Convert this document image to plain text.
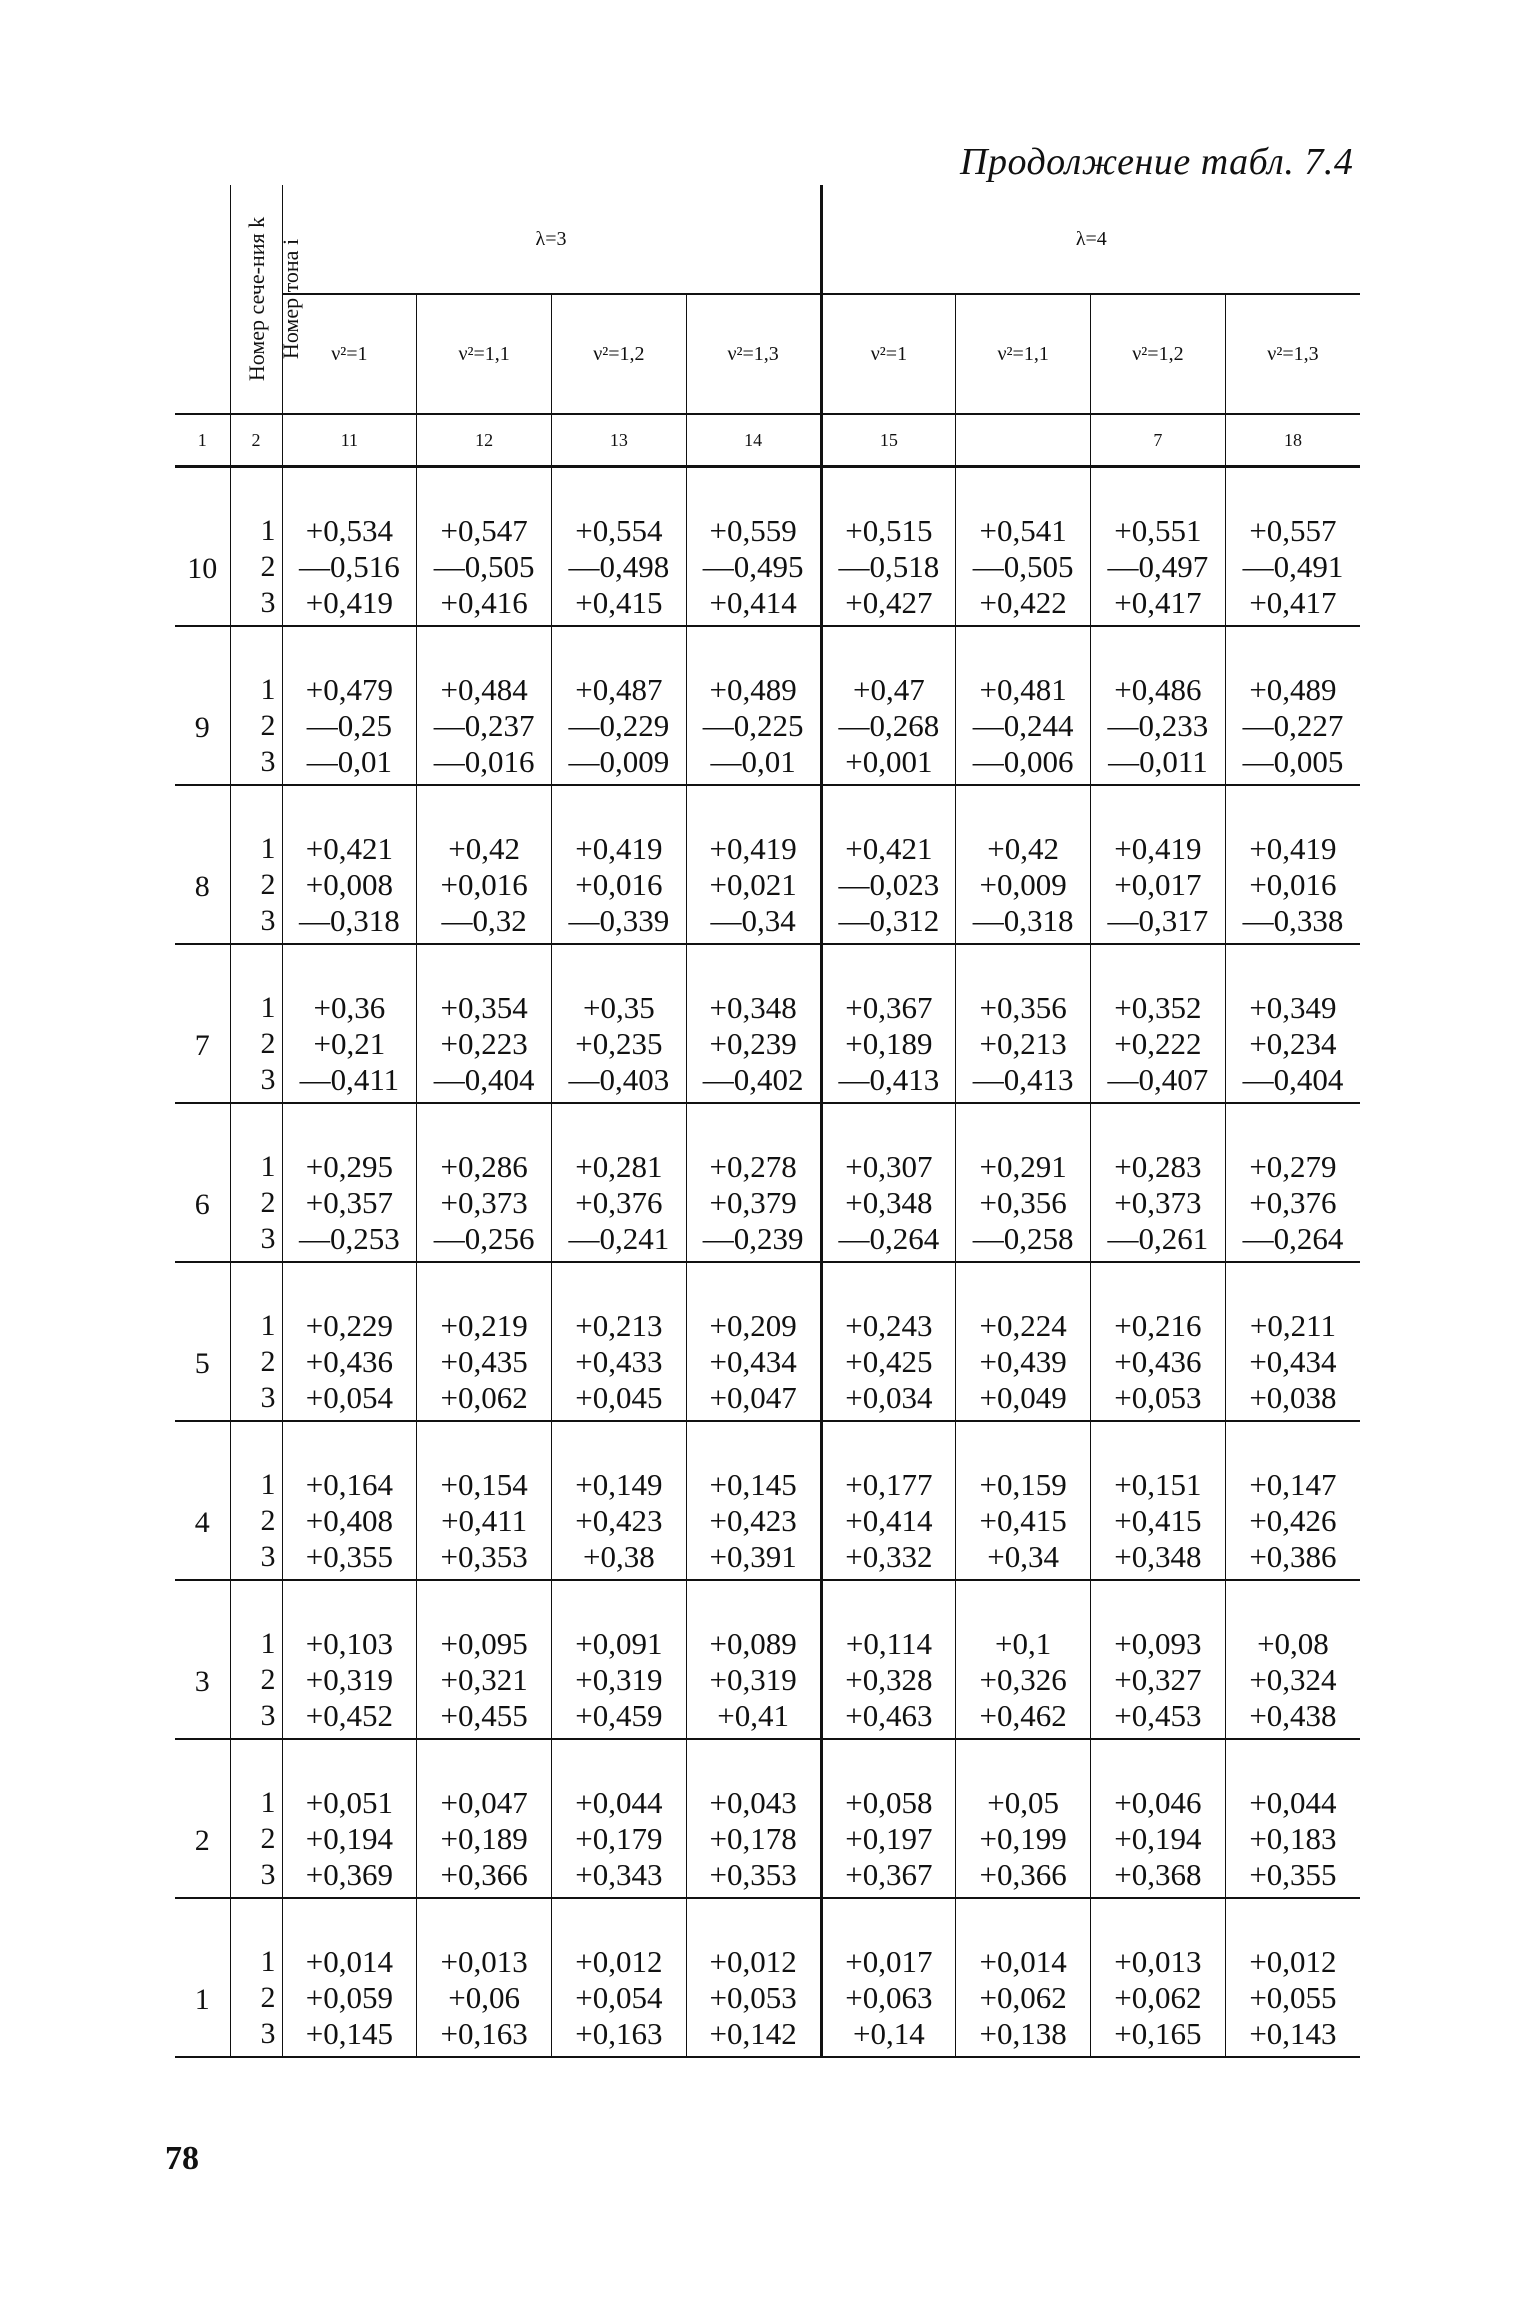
Продолжение табл. 7.4
Номер сече-ния k	Номер тона i	λ=3				λ=4			
		ν²=1	ν²=1,1	ν²=1,2	ν²=1,3	ν²=1	ν²=1,1	ν²=1,2	ν²=1,3
1	2	11	12	13	14	15		7	18

10	1	+0,534	+0,547	+0,554	+0,559	+0,515	+0,541	+0,551	+0,557
	2	—0,516	—0,505	—0,498	—0,495	—0,518	—0,505	—0,497	—0,491
	3	+0,419	+0,416	+0,415	+0,414	+0,427	+0,422	+0,417	+0,417

9	1	+0,479	+0,484	+0,487	+0,489	+0,47	+0,481	+0,486	+0,489
	2	—0,25	—0,237	—0,229	—0,225	—0,268	—0,244	—0,233	—0,227
	3	—0,01	—0,016	—0,009	—0,01	+0,001	—0,006	—0,011	—0,005

8	1	+0,421	+0,42	+0,419	+0,419	+0,421	+0,42	+0,419	+0,419
	2	+0,008	+0,016	+0,016	+0,021	—0,023	+0,009	+0,017	+0,016
	3	—0,318	—0,32	—0,339	—0,34	—0,312	—0,318	—0,317	—0,338

7	1	+0,36	+0,354	+0,35	+0,348	+0,367	+0,356	+0,352	+0,349
	2	+0,21	+0,223	+0,235	+0,239	+0,189	+0,213	+0,222	+0,234
	3	—0,411	—0,404	—0,403	—0,402	—0,413	—0,413	—0,407	—0,404

6	1	+0,295	+0,286	+0,281	+0,278	+0,307	+0,291	+0,283	+0,279
	2	+0,357	+0,373	+0,376	+0,379	+0,348	+0,356	+0,373	+0,376
	3	—0,253	—0,256	—0,241	—0,239	—0,264	—0,258	—0,261	—0,264

5	1	+0,229	+0,219	+0,213	+0,209	+0,243	+0,224	+0,216	+0,211
	2	+0,436	+0,435	+0,433	+0,434	+0,425	+0,439	+0,436	+0,434
	3	+0,054	+0,062	+0,045	+0,047	+0,034	+0,049	+0,053	+0,038

4	1	+0,164	+0,154	+0,149	+0,145	+0,177	+0,159	+0,151	+0,147
	2	+0,408	+0,411	+0,423	+0,423	+0,414	+0,415	+0,415	+0,426
	3	+0,355	+0,353	+0,38	+0,391	+0,332	+0,34	+0,348	+0,386

3	1	+0,103	+0,095	+0,091	+0,089	+0,114	+0,1	+0,093	+0,08
	2	+0,319	+0,321	+0,319	+0,319	+0,328	+0,326	+0,327	+0,324
	3	+0,452	+0,455	+0,459	+0,41	+0,463	+0,462	+0,453	+0,438

2	1	+0,051	+0,047	+0,044	+0,043	+0,058	+0,05	+0,046	+0,044
	2	+0,194	+0,189	+0,179	+0,178	+0,197	+0,199	+0,194	+0,183
	3	+0,369	+0,366	+0,343	+0,353	+0,367	+0,366	+0,368	+0,355

1	1	+0,014	+0,013	+0,012	+0,012	+0,017	+0,014	+0,013	+0,012
	2	+0,059	+0,06	+0,054	+0,053	+0,063	+0,062	+0,062	+0,055
	3	+0,145	+0,163	+0,163	+0,142	+0,14	+0,138	+0,165	+0,143
78
